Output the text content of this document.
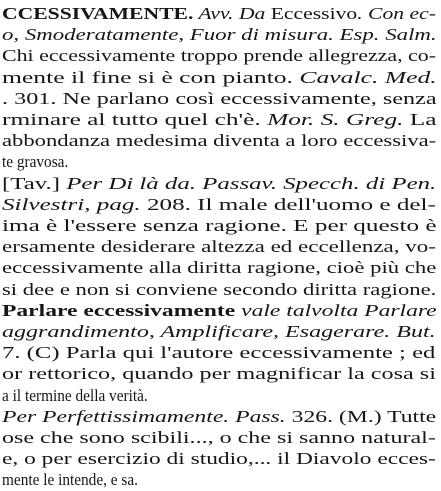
CCESSIVAMENTE. Avv. Da Eccessivo. Con ec-
o, Smoderatamente, Fuor di misura. Esp. Salm.
Chi eccessivamente troppo prende allegrezza, co-
mente il fine si è con pianto. Cavalc. Med.
. 301. Ne parlano così eccessivamente, senza
rminare al tutto quel ch'è. Mor. S. Greg. La
abbondanza medesima diventa a loro eccessiva-
te gravosa.
[Tav.] Per Di là da. Passav. Specch. di Pen.
Silvestri, pag. 208. Il male dell'uomo e del-
ima è l'essere senza ragione. E per questo è
ersamente desiderare altezza ed eccellenza, vo-
eccessivamente alla diritta ragione, cioè più che
si dee e non si conviene secondo diritta ragione.
Parlare eccessivamente vale talvolta Parlare
aggrandimento, Amplificare, Esagerare. But.
7. (C) Parla qui l'autore eccessivamente ; ed
or rettorico, quando per magnificar la cosa si
a il termine della verità.
Per Perfettissimamente. Pass. 326. (M.) Tutte
ose che sono scibili..., o che si sanno natural-
e, o per esercizio di studio,... il Diavolo ecces-
mente le intende, e sa.
